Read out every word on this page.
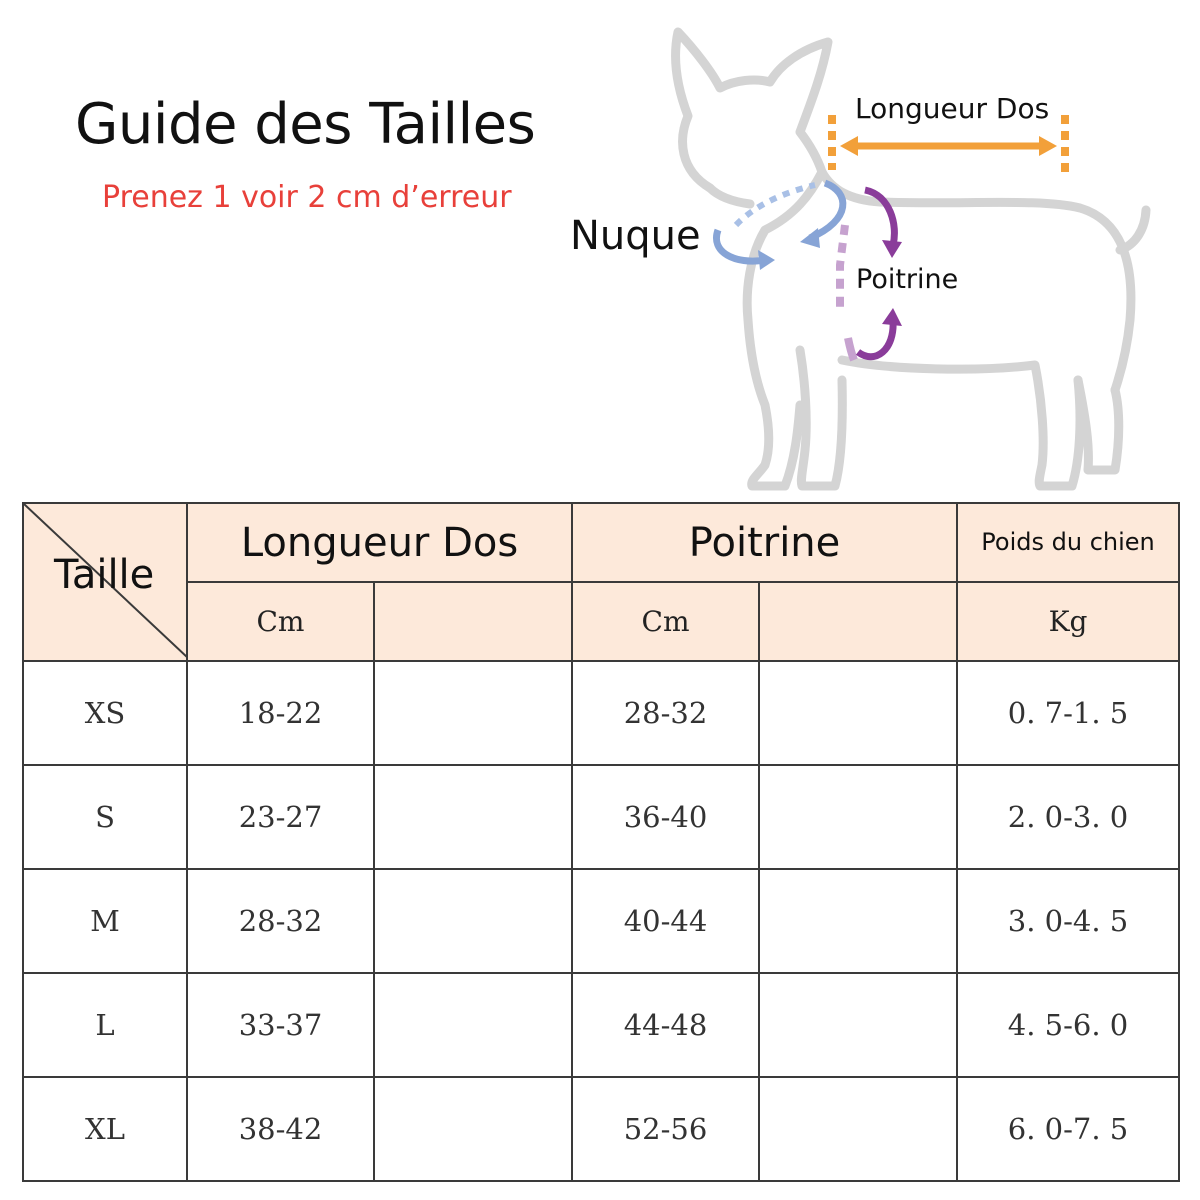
Guide des Tailles
Prenez 1 voir 2 cm d’erreur
Longueur Dos
Nuque
Poitrine
Taille	Longueur Dos		Poitrine		Poids du chien
	Cm		Cm		Kg
XS	18-22		28-32		0. 7-1. 5
S	23-27		36-40		2. 0-3. 0
M	28-32		40-44		3. 0-4. 5
L	33-37		44-48		4. 5-6. 0
XL	38-42		52-56		6. 0-7. 5
